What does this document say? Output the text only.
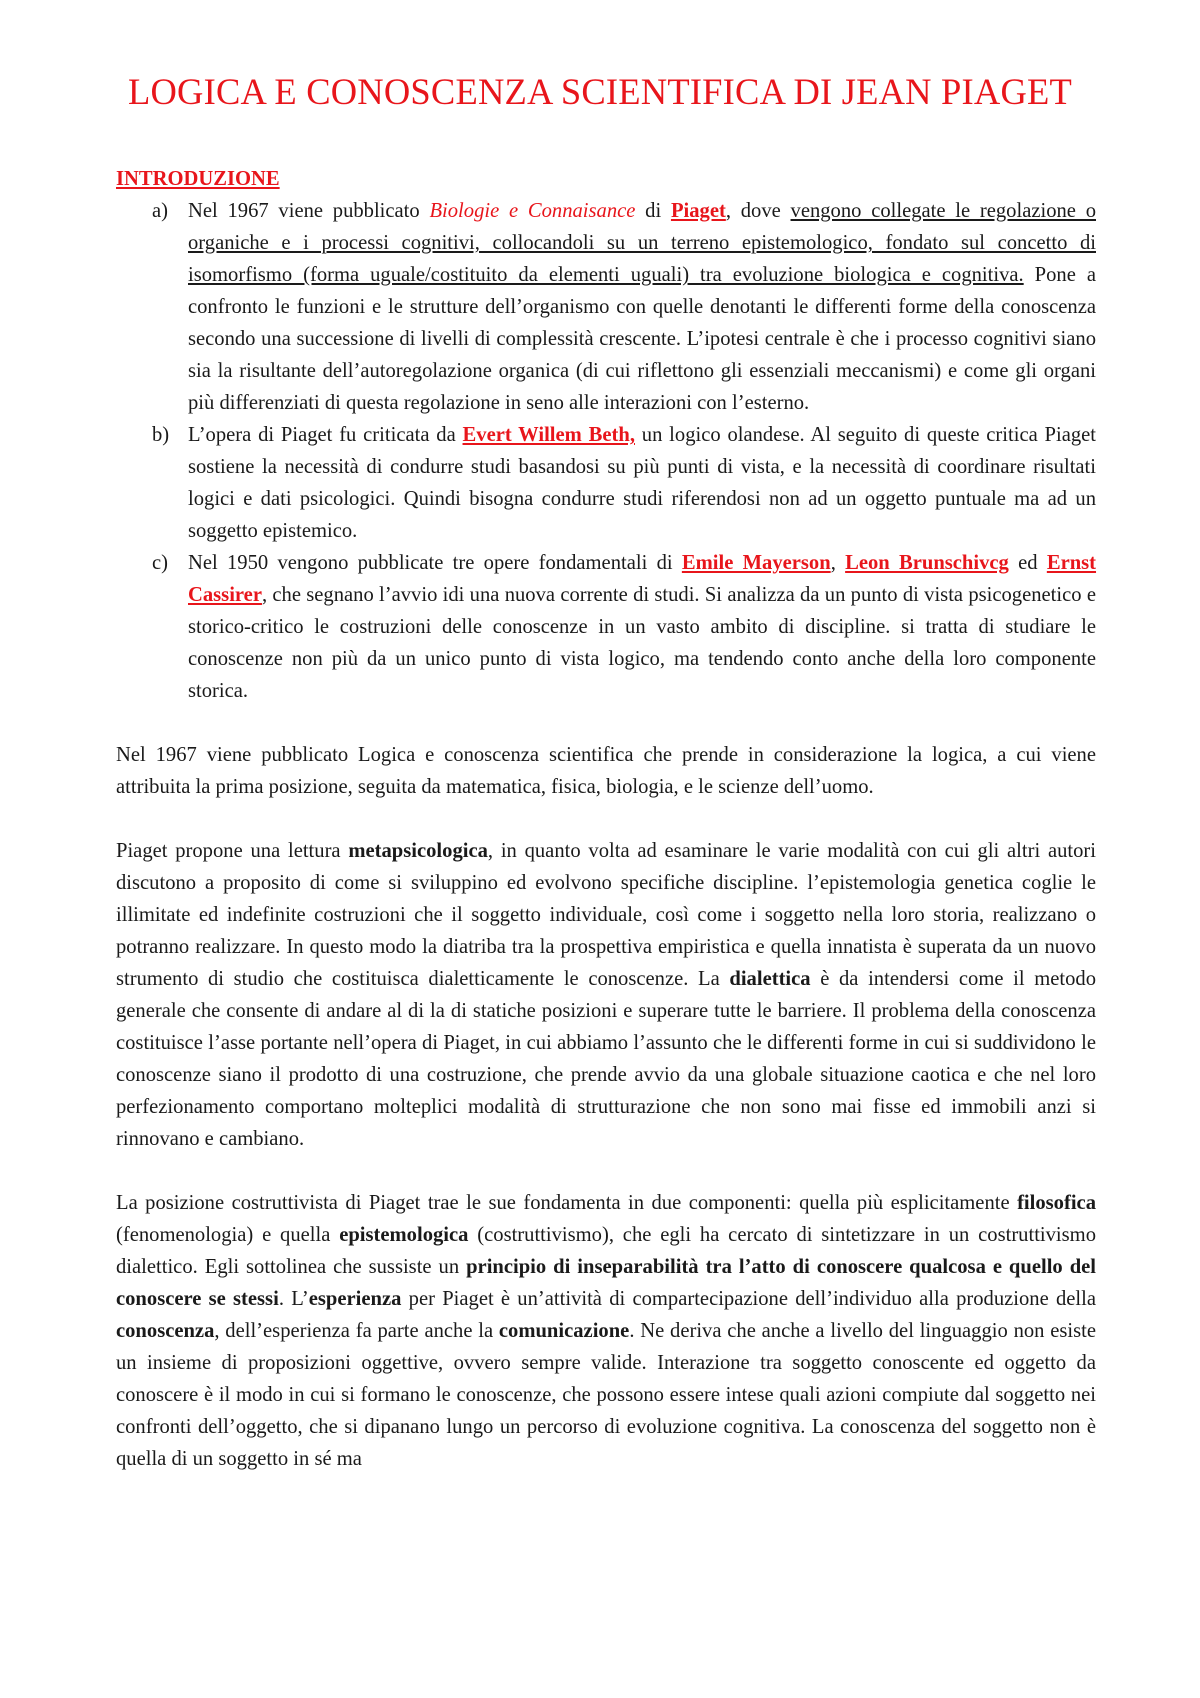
LOGICA E CONOSCENZA SCIENTIFICA DI JEAN PIAGET
INTRODUZIONE
a) Nel 1967 viene pubblicato Biologie e Connaisance di Piaget, dove vengono collegate le regolazione o organiche e i processi cognitivi, collocandoli su un terreno epistemologico, fondato sul concetto di isomorfismo (forma uguale/costituito da elementi uguali) tra evoluzione biologica e cognitiva. Pone a confronto le funzioni e le strutture dell’organismo con quelle denotanti le differenti forme della conoscenza secondo una successione di livelli di complessità crescente. L’ipotesi centrale è che i processo cognitivi siano sia la risultante dell’autoregolazione organica (di cui riflettono gli essenziali meccanismi) e come gli organi più differenziati di questa regolazione in seno alle interazioni con l’esterno.
b) L’opera di Piaget fu criticata da Evert Willem Beth, un logico olandese. Al seguito di queste critica Piaget sostiene la necessità di condurre studi basandosi su più punti di vista, e la necessità di coordinare risultati logici e dati psicologici. Quindi bisogna condurre studi riferendosi non ad un oggetto puntuale ma ad un soggetto epistemico.
c) Nel 1950 vengono pubblicate tre opere fondamentali di Emile Mayerson, Leon Brunschivcg ed Ernst Cassirer, che segnano l’avvio idi una nuova corrente di studi. Si analizza da un punto di vista psicogenetico e storico-critico le costruzioni delle conoscenze in un vasto ambito di discipline. si tratta di studiare le conoscenze non più da un unico punto di vista logico, ma tendendo conto anche della loro componente storica.

Nel 1967 viene pubblicato Logica e conoscenza scientifica che prende in considerazione la logica, a cui viene attribuita la prima posizione, seguita da matematica, fisica, biologia, e le scienze dell’uomo.

Piaget propone una lettura metapsicologica, in quanto volta ad esaminare le varie modalità con cui gli altri autori discutono a proposito di come si sviluppino ed evolvono specifiche discipline. l’epistemologia genetica coglie le illimitate ed indefinite costruzioni che il soggetto individuale, così come i soggetto nella loro storia, realizzano o potranno realizzare. In questo modo la diatriba tra la prospettiva empiristica e quella innatista è superata da un nuovo strumento di studio che costituisca dialetticamente le conoscenze. La dialettica è da intendersi come il metodo generale che consente di andare al di la di statiche posizioni e superare tutte le barriere. Il problema della conoscenza costituisce l’asse portante nell’opera di Piaget, in cui abbiamo l’assunto che le differenti forme in cui si suddividono le conoscenze siano il prodotto di una costruzione, che prende avvio da una globale situazione caotica e che nel loro perfezionamento comportano molteplici modalità di strutturazione che non sono mai fisse ed immobili anzi si rinnovano e cambiano.

La posizione costruttivista di Piaget trae le sue fondamenta in due componenti: quella più esplicitamente filosofica (fenomenologia) e quella epistemologica (costruttivismo), che egli ha cercato di sintetizzare in un costruttivismo dialettico. Egli sottolinea che sussiste un principio di inseparabilità tra l’atto di conoscere qualcosa e quello del conoscere se stessi. L’esperienza per Piaget è un’attività di compartecipazione dell’individuo alla produzione della conoscenza, dell’esperienza fa parte anche la comunicazione. Ne deriva che anche a livello del linguaggio non esiste un insieme di proposizioni oggettive, ovvero sempre valide. Interazione tra soggetto conoscente ed oggetto da conoscere è il modo in cui si formano le conoscenze, che possono essere intese quali azioni compiute dal soggetto nei confronti dell’oggetto, che si dipanano lungo un percorso di evoluzione cognitiva. La conoscenza del soggetto non è quella di un soggetto in sé ma
